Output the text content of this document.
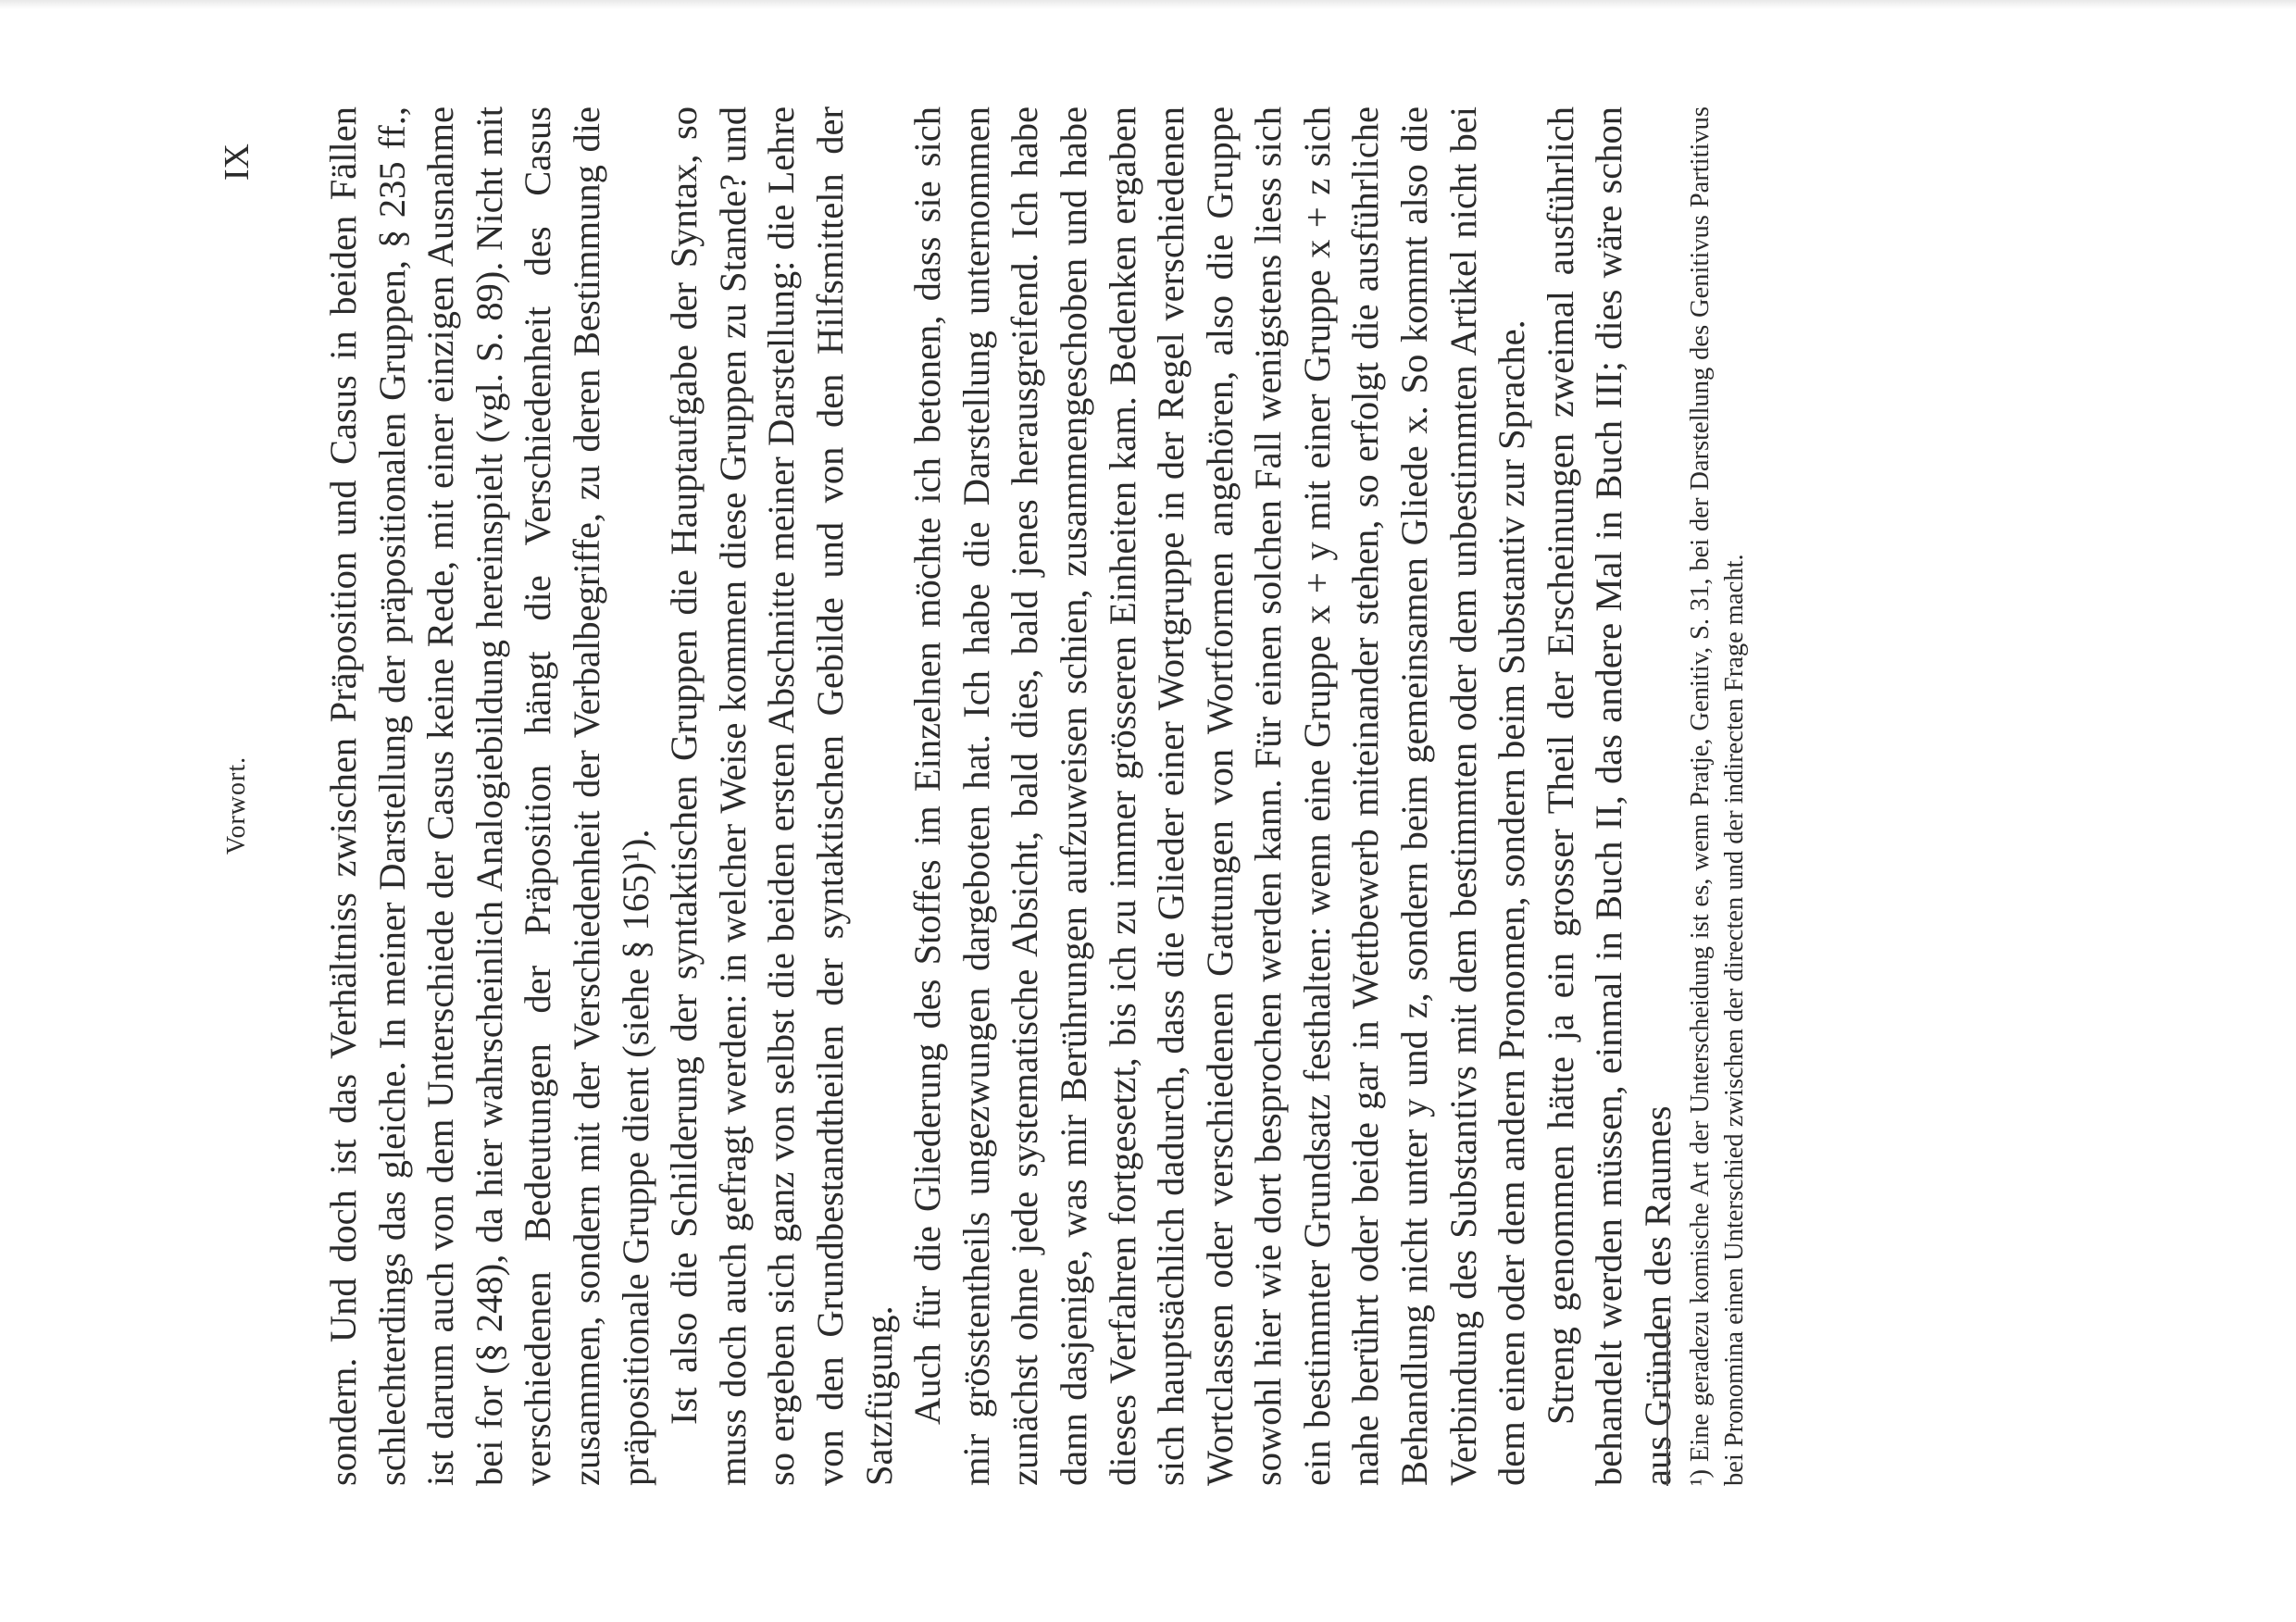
Vorwort.
IX sondern. Und doch ist das Verhältniss zwischen Präposition und Casus in beiden Fällen schlechterdings das gleiche. In meiner Darstellung der präpositionalen Gruppen, § 235 ff., ist darum auch von dem Unterschiede der Casus keine Rede, mit einer einzigen Ausnahme bei for (§ 248), da hier wahrscheinlich Analogiebildung hereinspielt (vgl. S. 89). Nicht mit verschiedenen Bedeutungen der Präposition hängt die Verschiedenheit des Casus zusammen, sondern mit der Verschiedenheit der Verbalbegriffe, zu deren Bestimmung die präpositionale Gruppe dient (siehe § 165)¹). Ist also die Schilderung der syntaktischen Gruppen die Hauptaufgabe der Syntax, so muss doch auch gefragt werden: in welcher Weise kommen diese Gruppen zu Stande? und so ergeben sich ganz von selbst die beiden ersten Abschnitte meiner Darstellung: die Lehre von den Grundbestandtheilen der syntaktischen Gebilde und von den Hilfsmitteln der Satzfügung. Auch für die Gliederung des Stoffes im Einzelnen möchte ich betonen, dass sie sich mir grösstentheils ungezwungen dargeboten hat. Ich habe die Darstellung unternommen zunächst ohne jede systematische Absicht, bald dies, bald jenes herausgreifend. Ich habe dann dasjenige, was mir Berührungen aufzuweisen schien, zusammengeschoben und habe dieses Verfahren fortgesetzt, bis ich zu immer grösseren Einheiten kam. Bedenken ergaben sich hauptsächlich dadurch, dass die Glieder einer Wortgruppe in der Regel verschiedenen Wortclassen oder verschiedenen Gattungen von Wortformen angehören, also die Gruppe sowohl hier wie dort besprochen werden kann. Für einen solchen Fall wenigstens liess sich ein bestimmter Grundsatz festhalten: wenn eine Gruppe x + y mit einer Gruppe x + z sich nahe berührt oder beide gar in Wettbewerb miteinander stehen, so erfolgt die ausführliche Behandlung nicht unter y und z, sondern beim gemeinsamen Gliede x. So kommt also die Verbindung des Substantivs mit dem bestimmten oder dem unbestimmten Artikel nicht bei dem einen oder dem andern Pronomen, sondern beim Substantiv zur Sprache. Streng genommen hätte ja ein grosser Theil der Erscheinungen zweimal ausführlich behandelt werden müssen, einmal in Buch II, das andere Mal in Buch III; dies wäre schon aus Gründen des Raumes ¹) Eine geradezu komische Art der Unterscheidung ist es, wenn Pratje, Genitiv, S. 31, bei der Darstellung des Genitivus Partitivus bei Pronomina einen Unterschied zwischen der directen und der indirecten Frage macht.
